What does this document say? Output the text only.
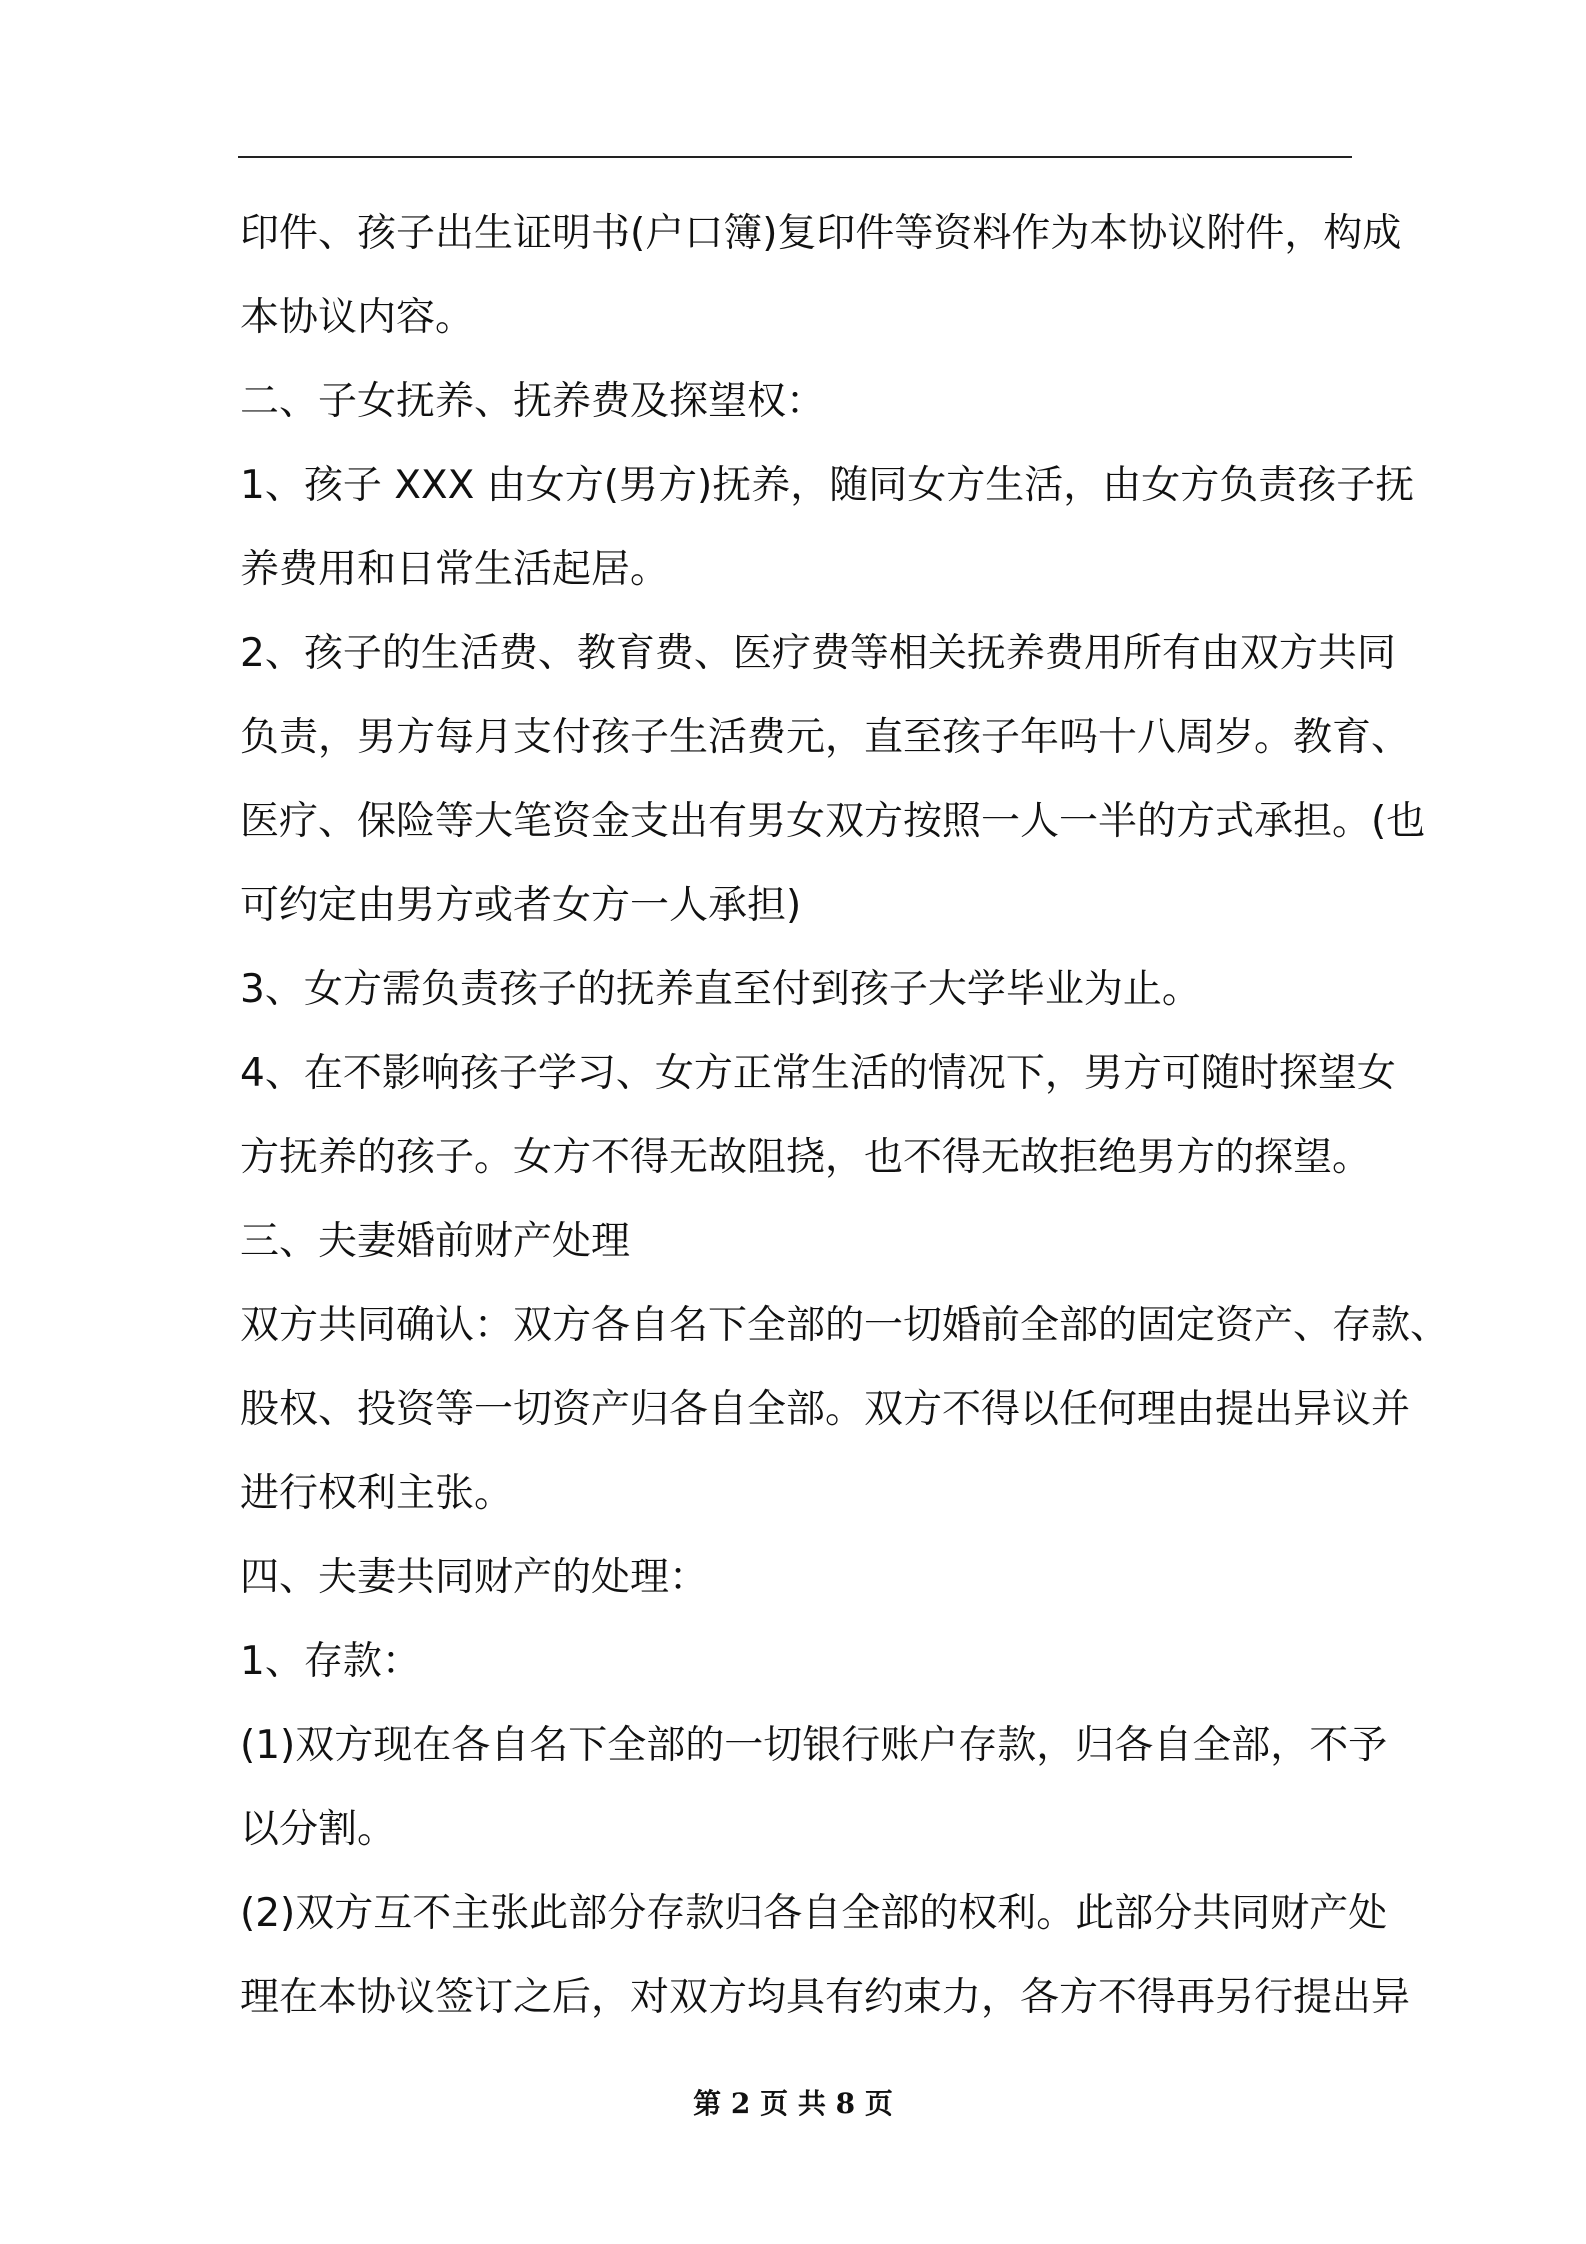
印件、孩子出生证明书(户口簿)复印件等资料作为本协议附件，构成
本协议内容。
二、子女抚养、抚养费及探望权：
1、孩子 XXX 由女方(男方)抚养，随同女方生活，由女方负责孩子抚
养费用和日常生活起居。
2、孩子的生活费、教育费、医疗费等相关抚养费用所有由双方共同
负责，男方每月支付孩子生活费元，直至孩子年吗十八周岁。教育、
医疗、保险等大笔资金支出有男女双方按照一人一半的方式承担。(也
可约定由男方或者女方一人承担)
3、女方需负责孩子的抚养直至付到孩子大学毕业为止。
4、在不影响孩子学习、女方正常生活的情况下，男方可随时探望女
方抚养的孩子。女方不得无故阻挠，也不得无故拒绝男方的探望。
三、夫妻婚前财产处理
双方共同确认：双方各自名下全部的一切婚前全部的固定资产、存款、
股权、投资等一切资产归各自全部。双方不得以任何理由提出异议并
进行权利主张。
四、夫妻共同财产的处理：
1、存款：
(1)双方现在各自名下全部的一切银行账户存款，归各自全部，不予
以分割。
(2)双方互不主张此部分存款归各自全部的权利。此部分共同财产处
理在本协议签订之后，对双方均具有约束力，各方不得再另行提出异
第 2 页 共 8 页
